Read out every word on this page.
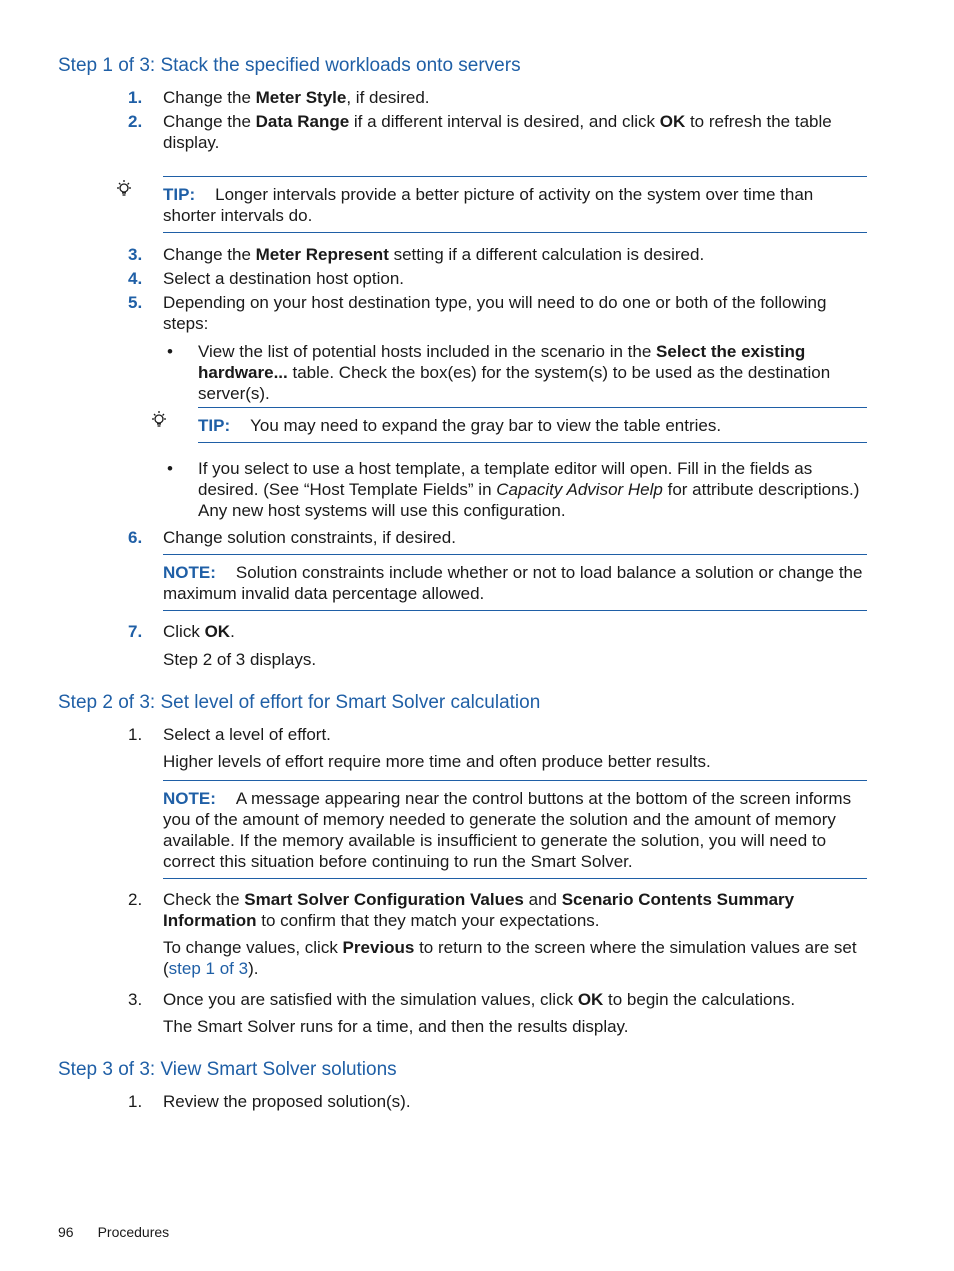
Step 1 of 3: Stack the specified workloads onto servers
1.	Change the Meter Style, if desired.
2.	Change the Data Range if a different interval is desired, and click OK to refresh the table display.
TIP: Longer intervals provide a better picture of activity on the system over time than shorter intervals do.
3.	Change the Meter Represent setting if a different calculation is desired.
4.	Select a destination host option.
5.	Depending on your host destination type, you will need to do one or both of the following steps:
• View the list of potential hosts included in the scenario in the Select the existing hardware... table. Check the box(es) for the system(s) to be used as the destination server(s).
TIP: You may need to expand the gray bar to view the table entries.
• If you select to use a host template, a template editor will open. Fill in the fields as desired. (See “Host Template Fields” in Capacity Advisor Help for attribute descriptions.) Any new host systems will use this configuration.
6.	Change solution constraints, if desired.
NOTE: Solution constraints include whether or not to load balance a solution or change the maximum invalid data percentage allowed.
7.	Click OK.
Step 2 of 3 displays.
Step 2 of 3: Set level of effort for Smart Solver calculation
1.	Select a level of effort.
Higher levels of effort require more time and often produce better results.
NOTE: A message appearing near the control buttons at the bottom of the screen informs you of the amount of memory needed to generate the solution and the amount of memory available. If the memory available is insufficient to generate the solution, you will need to correct this situation before continuing to run the Smart Solver.
2.	Check the Smart Solver Configuration Values and Scenario Contents Summary Information to confirm that they match your expectations.
To change values, click Previous to return to the screen where the simulation values are set (step 1 of 3).
3.	Once you are satisfied with the simulation values, click OK to begin the calculations.
The Smart Solver runs for a time, and then the results display.
Step 3 of 3: View Smart Solver solutions
1.	Review the proposed solution(s).
96 Procedures
